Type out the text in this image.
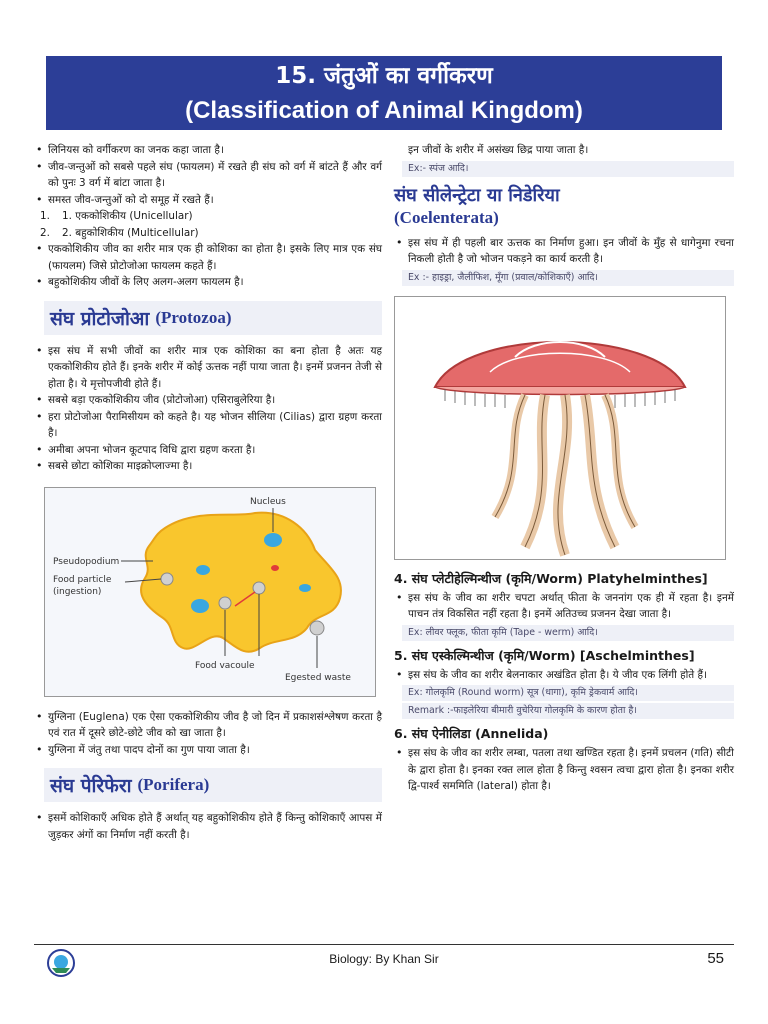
15. जंतुओं का वर्गीकरण
(Classification of Animal Kingdom)
• लिनियस को वर्गीकरण का जनक कहा जाता है।
• जीव-जन्तुओं को सबसे पहले संघ (फायलम) में रखते ही संघ को वर्ग में बांटते हैं और वर्ग को पुनः 3 वर्ग में बांटा जाता है।
• समस्त जीव-जन्तुओं को दो समूह में रखते हैं।
1. 1. एककोशिकीय (Unicellular)
2. 2. बहुकोशिकीय (Multicellular)
• एककोशिकीय जीव का शरीर मात्र एक ही कोशिका का होता है। इसके लिए मात्र एक संघ (फायलम) जिसे प्रोटोजोआ फायलम कहते हैं।
• बहुकोशिकीय जीवों के लिए अलग-अलग फायलम है।
संघ प्रोटोजोआ (Protozoa)
• इस संघ में सभी जीवों का शरीर मात्र एक कोशिका का बना होता है अतः यह एककोशिकीय होते हैं। इनके शरीर में कोई ऊत्तक नहीं पाया जाता है। इनमें प्रजनन तेजी से होता है। ये मृत्तोपजीवी होते हैं।
• सबसे बड़ा एककोशिकीय जीव (प्रोटोजोआ) एसिराबुलेरिया है।
• हरा प्रोटोजोआ पैरामिसीयम को कहते है। यह भोजन सीलिया (Cilias) द्वारा ग्रहण करता है।
• अमीबा अपना भोजन कूटपाद विधि द्वारा ग्रहण करता है।
• सबसे छोटा कोशिका माइक्रोप्लाज्मा है।
Nucleus
Pseudopodium
Food particle
(ingestion)
Food vacoule
Egested waste
• युग्लिना (Euglena) एक ऐसा एककोशिकीय जीव है जो दिन में प्रकाशसंश्लेषण करता है एवं रात में दूसरे छोटे-छोटे जीव को खा जाता है।
• युग्लिना में जंतु तथा पादप दोनों का गुण पाया जाता है।
संघ पेरिफेरा (Porifera)
• इसमें कोशिकाएँ अधिक होते हैं अर्थात् यह बहुकोशिकीय होते हैं किन्तु कोशिकाएँ आपस में जुड़कर अंगों का निर्माण नहीं करती है।
इन जीवों के शरीर में असंख्य छिद्र पाया जाता है।
Ex:- स्पंज आदि।
संघ सीलेन्ट्रेटा या निडेरिया
(Coelenterata)
• इस संघ में ही पहली बार ऊत्तक का निर्माण हुआ। इन जीवों के मुँह से धागेनुमा रचना निकली होती है जो भोजन पकड़ने का कार्य करती है।
Ex :- हाइड्रा, जैलीफिश, मूँगा (प्रवाल/कोशिकाएँ) आदि।
4. संघ प्लेटीहेल्मिन्थीज (कृमि/Worm) Platyhelminthes]
• इस संघ के जीव का शरीर चपटा अर्थात् फीता के जननांग एक ही में रहता है। इनमें पाचन तंत्र विकसित नहीं रहता है। इनमें अतिउच्च प्रजनन देखा जाता है।
Ex: लीवर फ्लूक, फीता कृमि (Tape - werm) आदि।
5. संघ एस्केल्मिन्थीज (कृमि/Worm) [Aschelminthes]
• इस संघ के जीव का शरीर बेलनाकार अखंडित होता है। ये जीव एक लिंगी होते हैं।
Ex: गोलकृमि (Round worm) सूत्र (धागा), कृमि ड्रेकवार्म आदि।
Remark :-फाइलेरिया बीमारी वुचेरिया गोलकृमि के कारण होता है।
6. संघ ऐनीलिडा (Annelida)
• इस संघ के जीव का शरीर लम्बा, पतला तथा खण्डित रहता है। इनमें प्रचलन (गति) सीटी के द्वारा होता है। इनका रक्त लाल होता है किन्तु श्वसन त्वचा द्वारा होता है। इनका शरीर द्वि-पार्श्व सममिति (lateral) होता है।
Biology: By Khan Sir	55
